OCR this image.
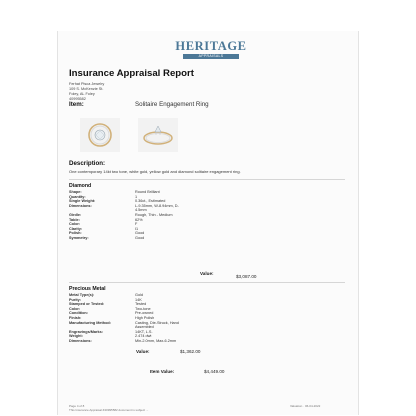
HERITAGE
APPRAISALS
Insurance Appraisal Report
Ferhat Pisca Jewelry
109 S. McKenzie St.
Foley, AL Foley
40995582
Item:	Solitaire Engagement Ring
Description:
One contemporary 14kt two tone, white gold, yellow gold and diamond solitaire engagement ring.
Diamond
Shape:	Round Brilliant
Quantity:	1
Single Weight:	0.36ct., Estimated
Dimensions:	L-9.35mm, W-8.94mm, D-
4.5mm
Girdle:	Rough, Thin - Medium
Table:	62%
Color:	F
Clarity:	I1
Polish:	Good
Symmetry:	Good
Value:
$3,087.00
Precious Metal
Metal Type(s):	Gold
Purity:	14K
Stamped or Tested:	Tested
Color:	Two-tone
Condition:	Pre-owned
Finish:	High Polish
Manufacturing Method:	Casting, Die-Struck, Hand
Assembled
Engravings/Marks:	14KT, L.S.
Weight:	2.474 dwt
Dimensions:	Min-2.0mm, Max-6.2mm
Value:	$1,362.00
Item Value:	$4,449.00
Page 4 of 8
This Insurance Appraisal #40995582 document is subject ...
Valuation · 06-04-2022
